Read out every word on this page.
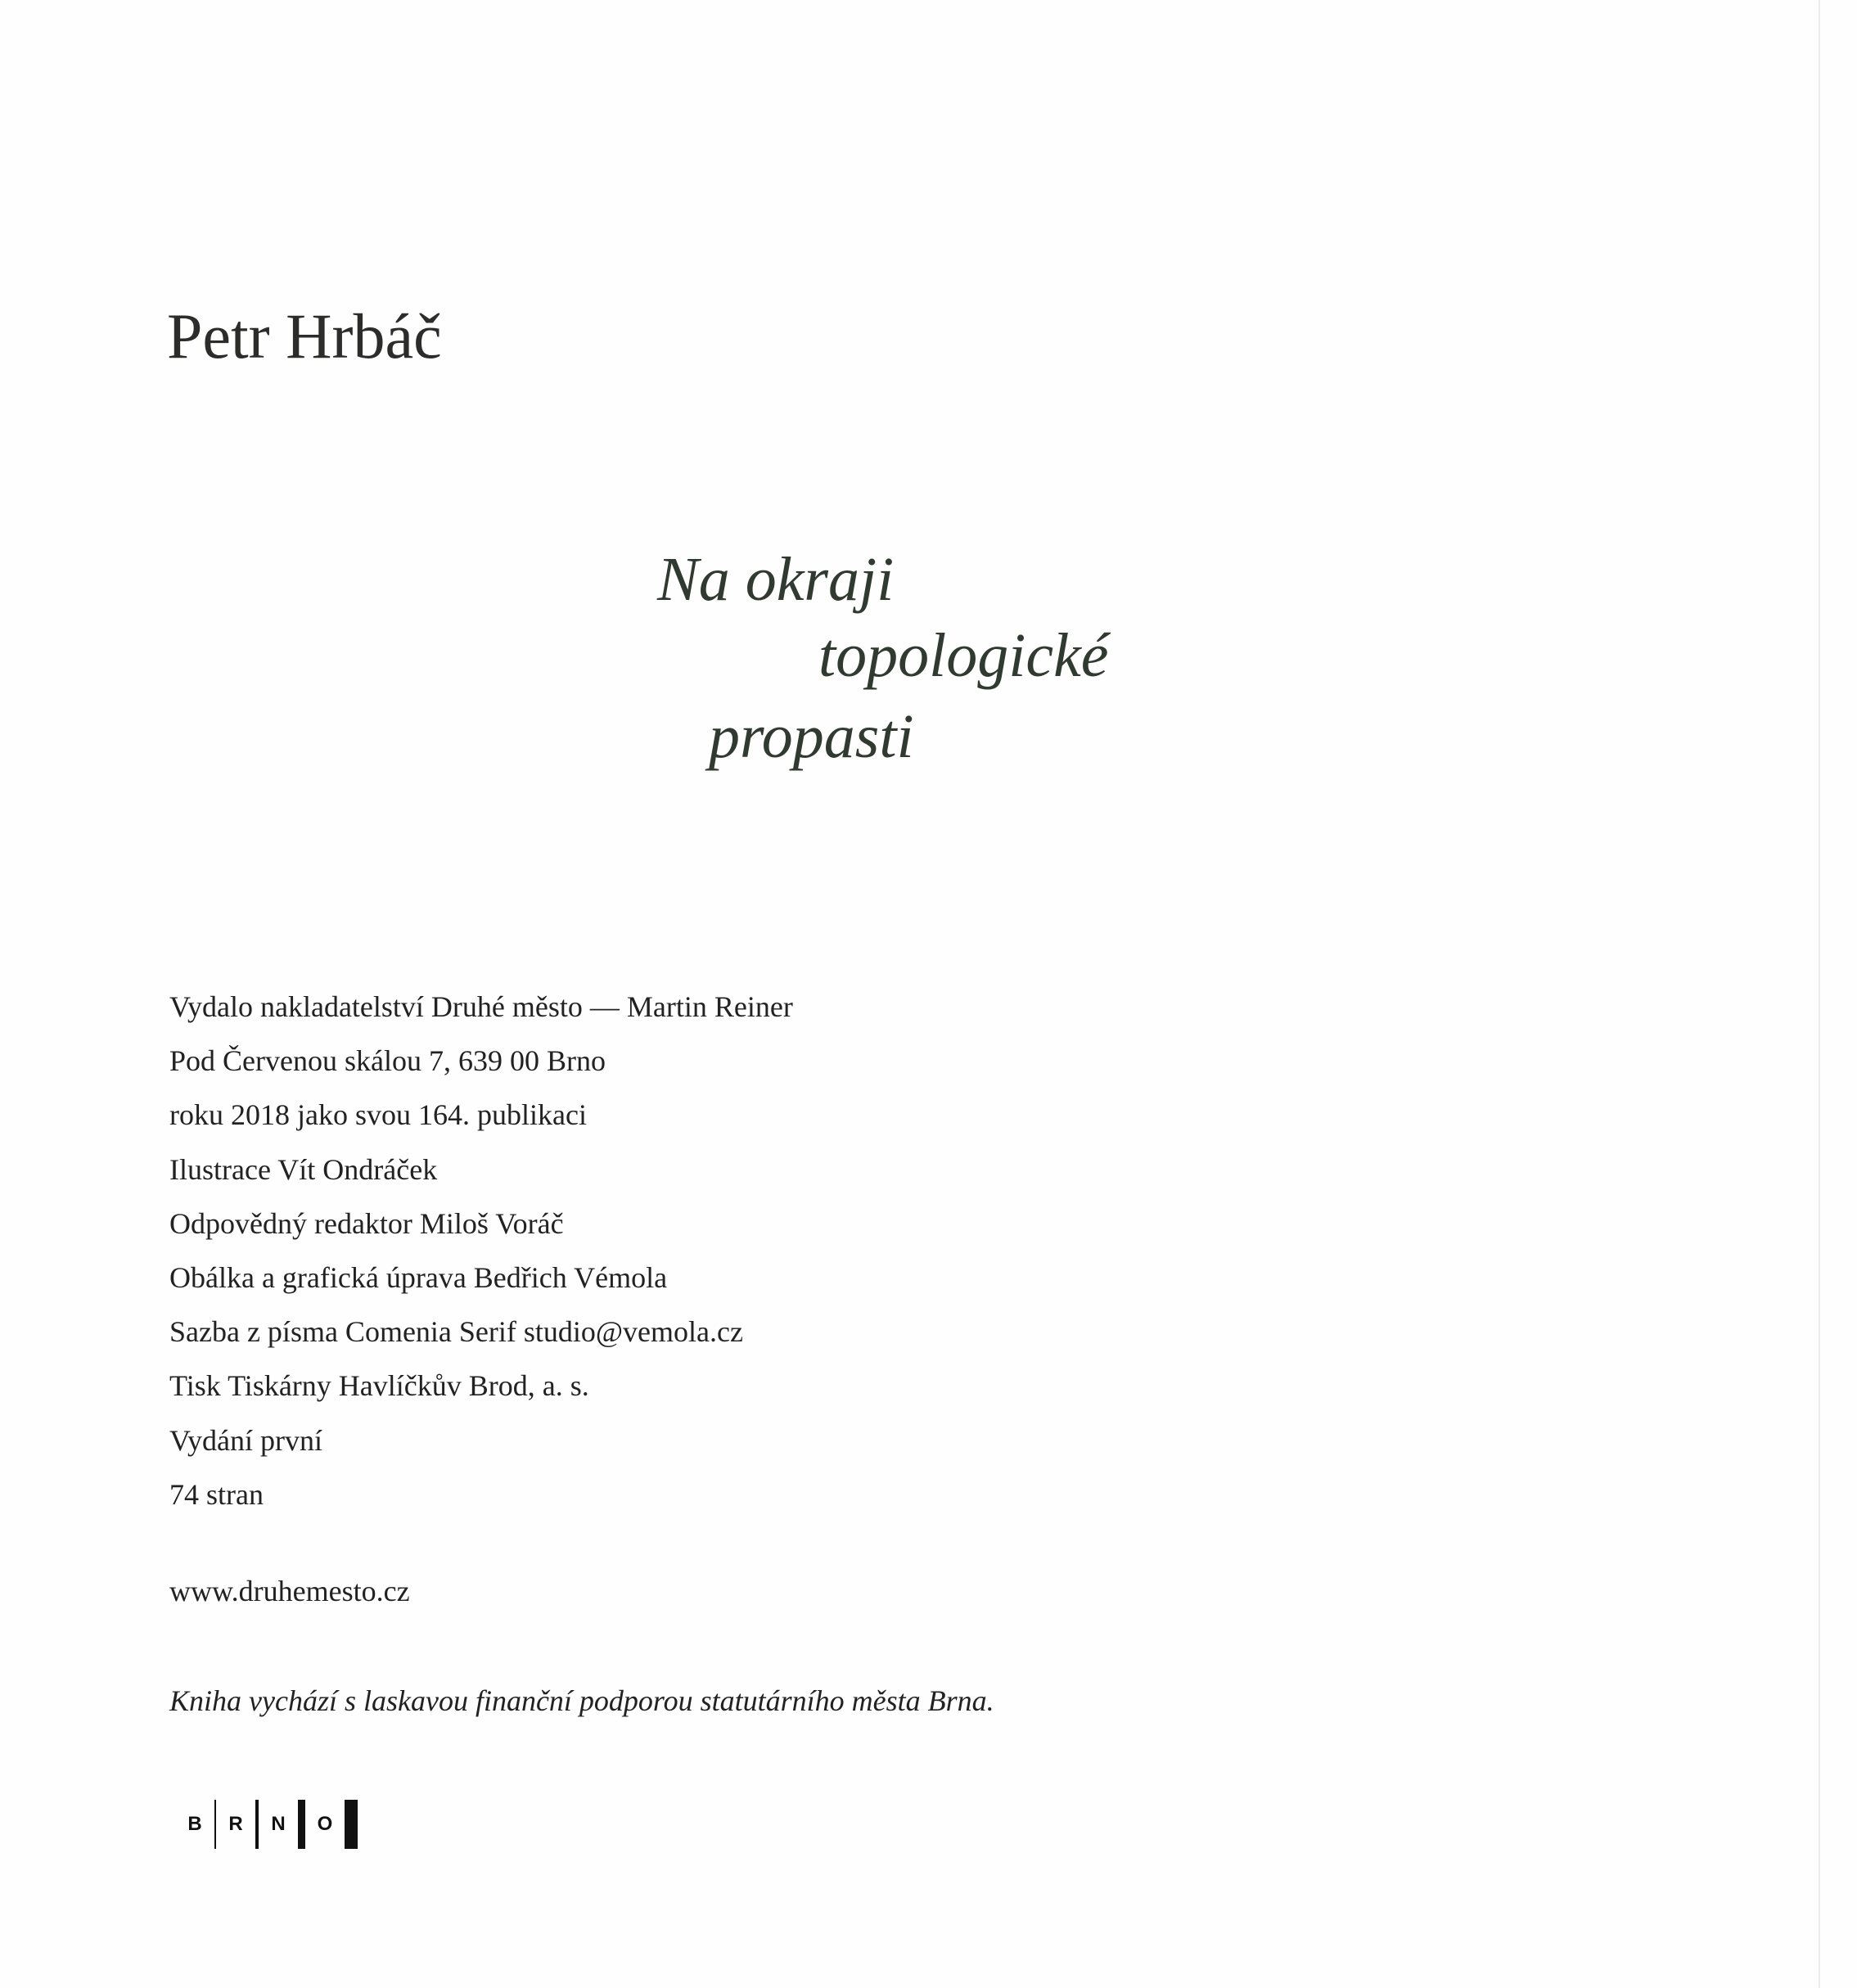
Petr Hrbáč

Na okraji

topologické

propasti

Vydalo nakladatelství Druhé město — Martin Reiner
Pod Červenou skálou 7, 639 00 Brno
roku 2018 jako svou 164. publikaci
Ilustrace Vít Ondráček
Odpovědný redaktor Miloš Voráč
Obálka a grafická úprava Bedřich Vémola
Sazba z písma Comenia Serif studio@vemola.cz
Tisk Tiskárny Havlíčkův Brod, a. s.
Vydání první
74 stran
www.druhemesto.cz
Kniha vychází s laskavou finanční podporou statutárního města Brna.
B R N O
